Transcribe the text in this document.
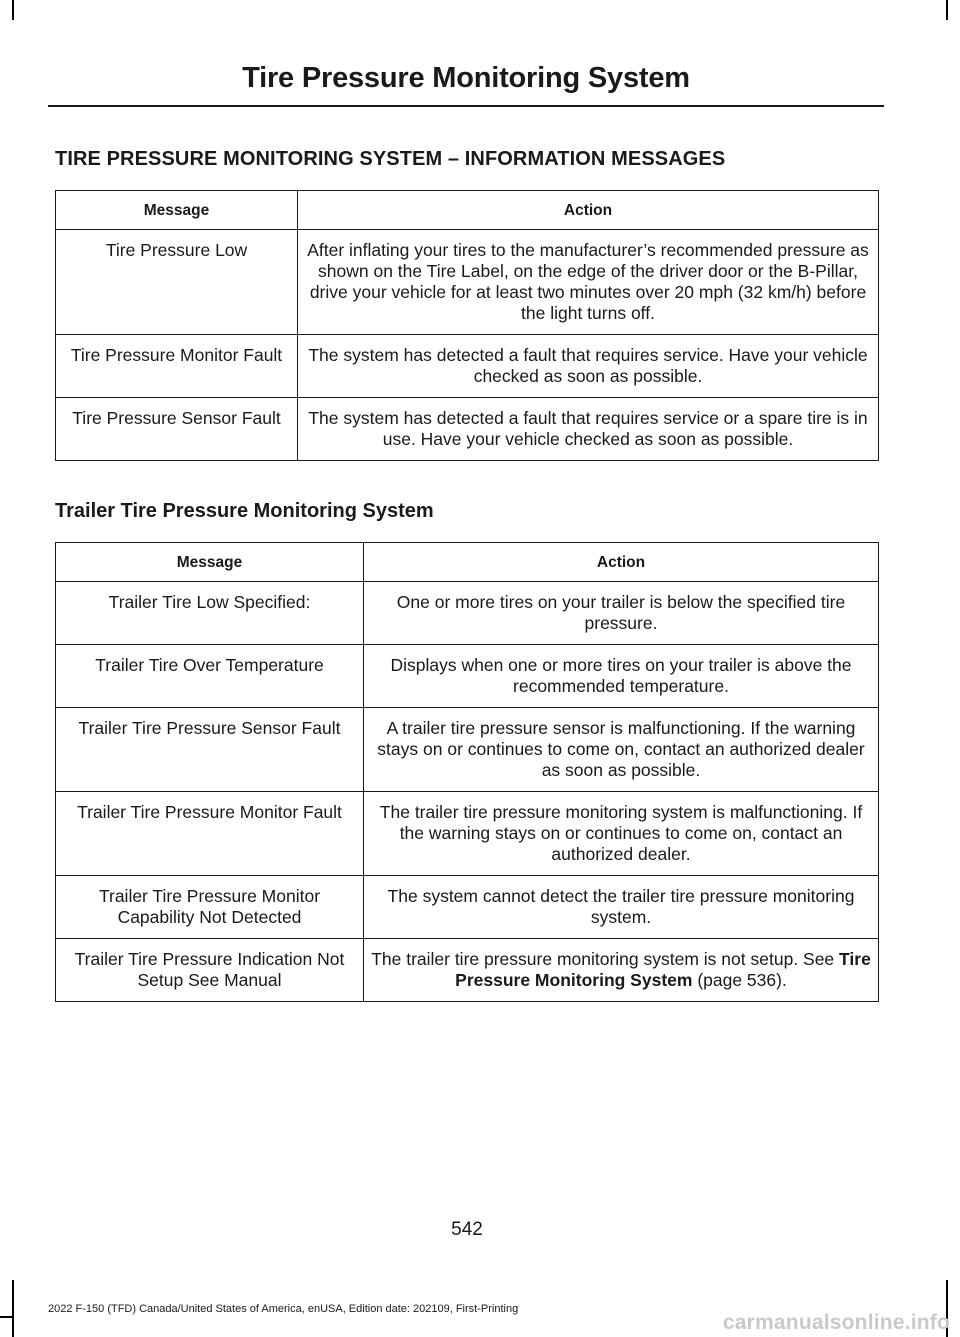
Tire Pressure Monitoring System
TIRE PRESSURE MONITORING SYSTEM – INFORMATION MESSAGES
Message	Action
Tire Pressure Low	After inflating your tires to the manufacturer’s recommended pressure as shown on the Tire Label, on the edge of the driver door or the B-Pillar, drive your vehicle for at least two minutes over 20 mph (32 km/h) before the light turns off.
Tire Pressure Monitor Fault	The system has detected a fault that requires service. Have your vehicle checked as soon as possible.
Tire Pressure Sensor Fault	The system has detected a fault that requires service or a spare tire is in use. Have your vehicle checked as soon as possible.
Trailer Tire Pressure Monitoring System
Message	Action
Trailer Tire Low Specified:	One or more tires on your trailer is below the specified tire pressure.
Trailer Tire Over Temperature	Displays when one or more tires on your trailer is above the recommended temperature.
Trailer Tire Pressure Sensor Fault	A trailer tire pressure sensor is malfunctioning. If the warning stays on or continues to come on, contact an authorized dealer as soon as possible.
Trailer Tire Pressure Monitor Fault	The trailer tire pressure monitoring system is malfunctioning. If the warning stays on or continues to come on, contact an authorized dealer.
Trailer Tire Pressure Monitor Capability Not Detected	The system cannot detect the trailer tire pressure monitoring system.
Trailer Tire Pressure Indication Not Setup See Manual	The trailer tire pressure monitoring system is not setup. See Tire Pressure Monitoring System (page 536).
542
2022 F-150 (TFD) Canada/United States of America, enUSA, Edition date: 202109, First-Printing
carmanualsonline.info
